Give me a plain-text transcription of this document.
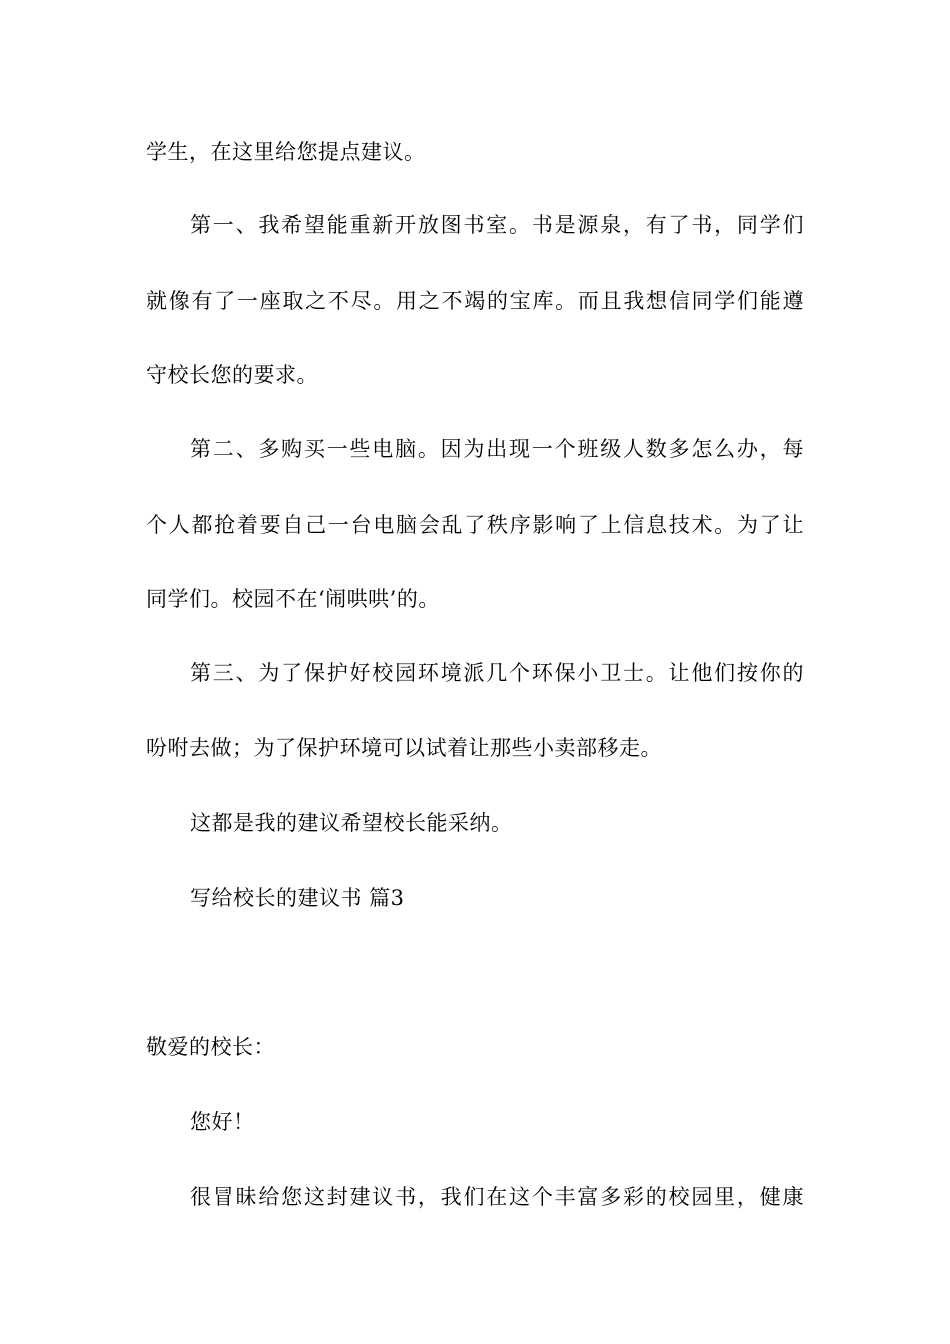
学生，在这里给您提点建议。
第一、我希望能重新开放图书室。书是源泉，有了书，同学们
就像有了一座取之不尽。用之不竭的宝库。而且我想信同学们能遵
守校长您的要求。
第二、多购买一些电脑。因为出现一个班级人数多怎么办，每
个人都抢着要自己一台电脑会乱了秩序影响了上信息技术。为了让
同学们。校园不在‘闹哄哄’的。
第三、为了保护好校园环境派几个环保小卫士。让他们按你的
吩咐去做；为了保护环境可以试着让那些小卖部移走。
这都是我的建议希望校长能采纳。
写给校长的建议书 篇3
敬爱的校长：
您好！
很冒昧给您这封建议书，我们在这个丰富多彩的校园里，健康
